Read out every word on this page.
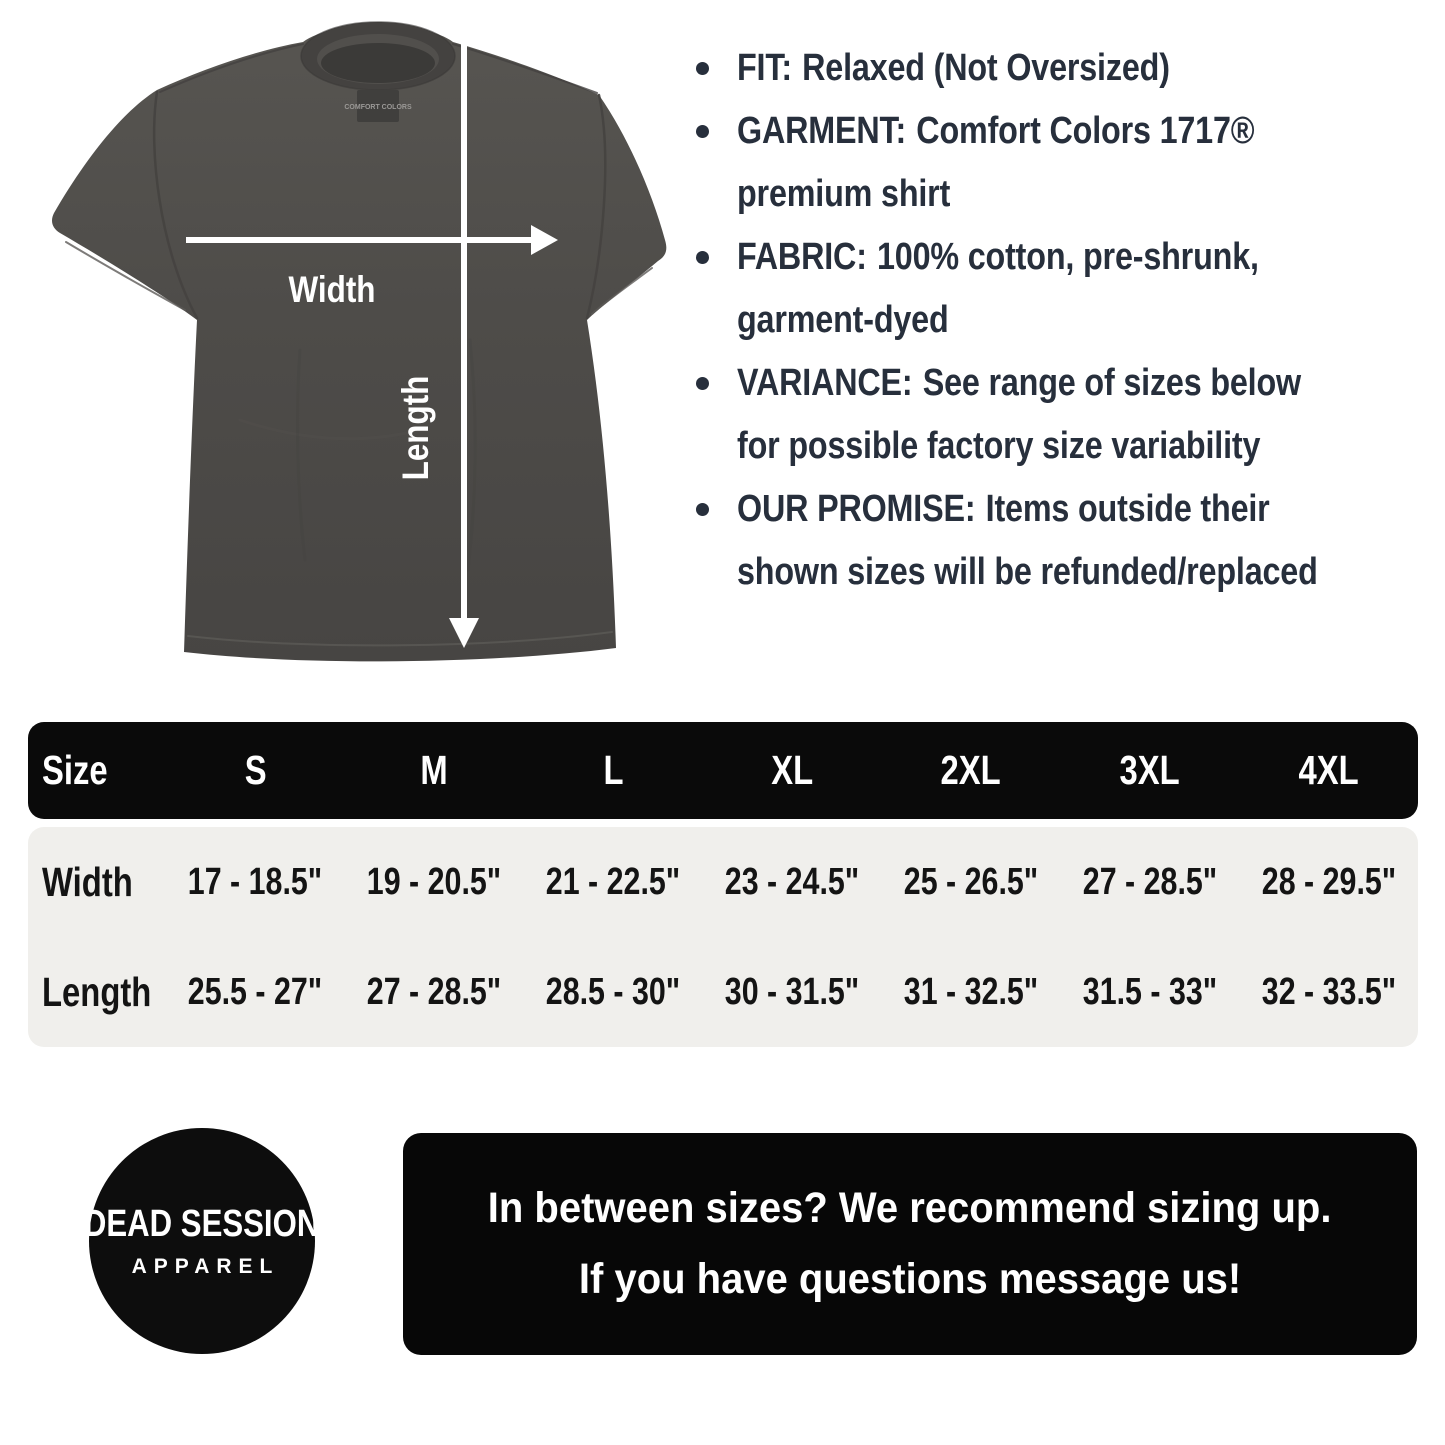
COMFORT COLORS
Width
Length
FIT: Relaxed (Not Oversized)
GARMENT: Comfort Colors 1717® premium shirt
FABRIC: 100% cotton, pre-shrunk, garment-dyed
VARIANCE: See range of sizes below for possible factory size variability
OUR PROMISE: Items outside their shown sizes will be refunded/replaced
Size	S	M	L	XL	2XL	3XL	4XL
Width	17 - 18.5"	19 - 20.5"	21 - 22.5"	23 - 24.5"	25 - 26.5"	27 - 28.5"	28 - 29.5"
Length 25.5 - 27"	27 - 28.5"	28.5 - 30"	30 - 31.5"	31 - 32.5"	31.5 - 33"	32 - 33.5"
DEAD SESSION
APPAREL
In between sizes? We recommend sizing up.
If you have questions message us!
